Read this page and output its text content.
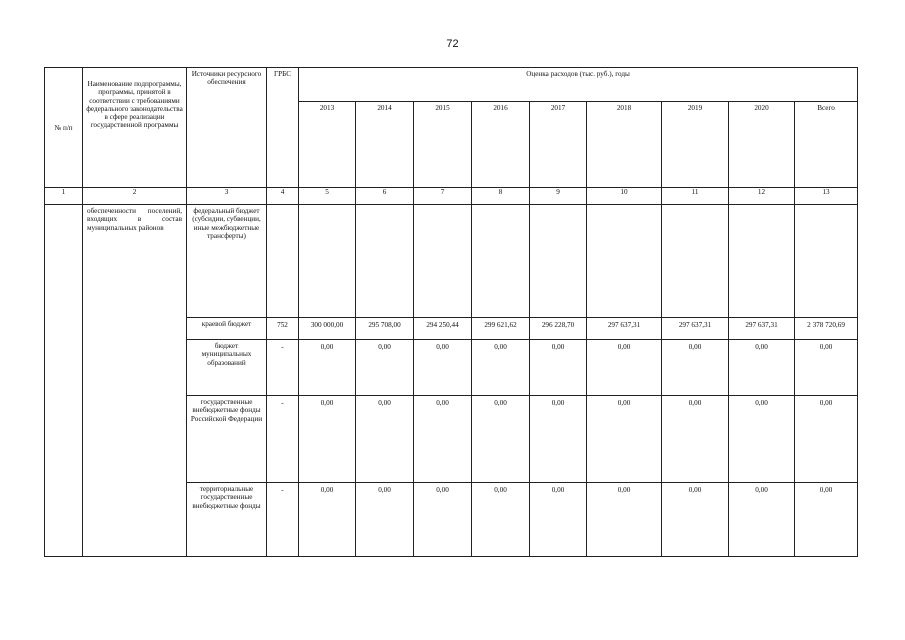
72
№ п/п	Наименование подпрограммы, программы, принятой в соответствии с требованиями федерального законодательства в сфере реализации государственной программы	Источники ресурсного обеспечения	ГРБС	Оценка расходов (тыс. руб.), годы								
				2013	2014	2015	2016	2017	2018	2019	2020	Всего
1	2	3	4	5	6	7	8	9	10	11	12	13
	обеспеченности поселений, входящих в состав муниципальных районов	федеральный бюджет (субсидии, субвенции, иные межбюджетные трансферты)										
		краевой бюджет	752	300 000,00	295 708,00	294 250,44	299 621,62	296 228,70	297 637,31	297 637,31	297 637,31	2 378 720,69
		бюджет муниципальных образований	-	0,00	0,00	0,00	0,00	0,00	0,00	0,00	0,00	0,00
		государственные внебюджетные фонды Российской Федерации	-	0,00	0,00	0,00	0,00	0,00	0,00	0,00	0,00	0,00
		территориальные государственные внебюджетные фонды	-	0,00	0,00	0,00	0,00	0,00	0,00	0,00	0,00	0,00
